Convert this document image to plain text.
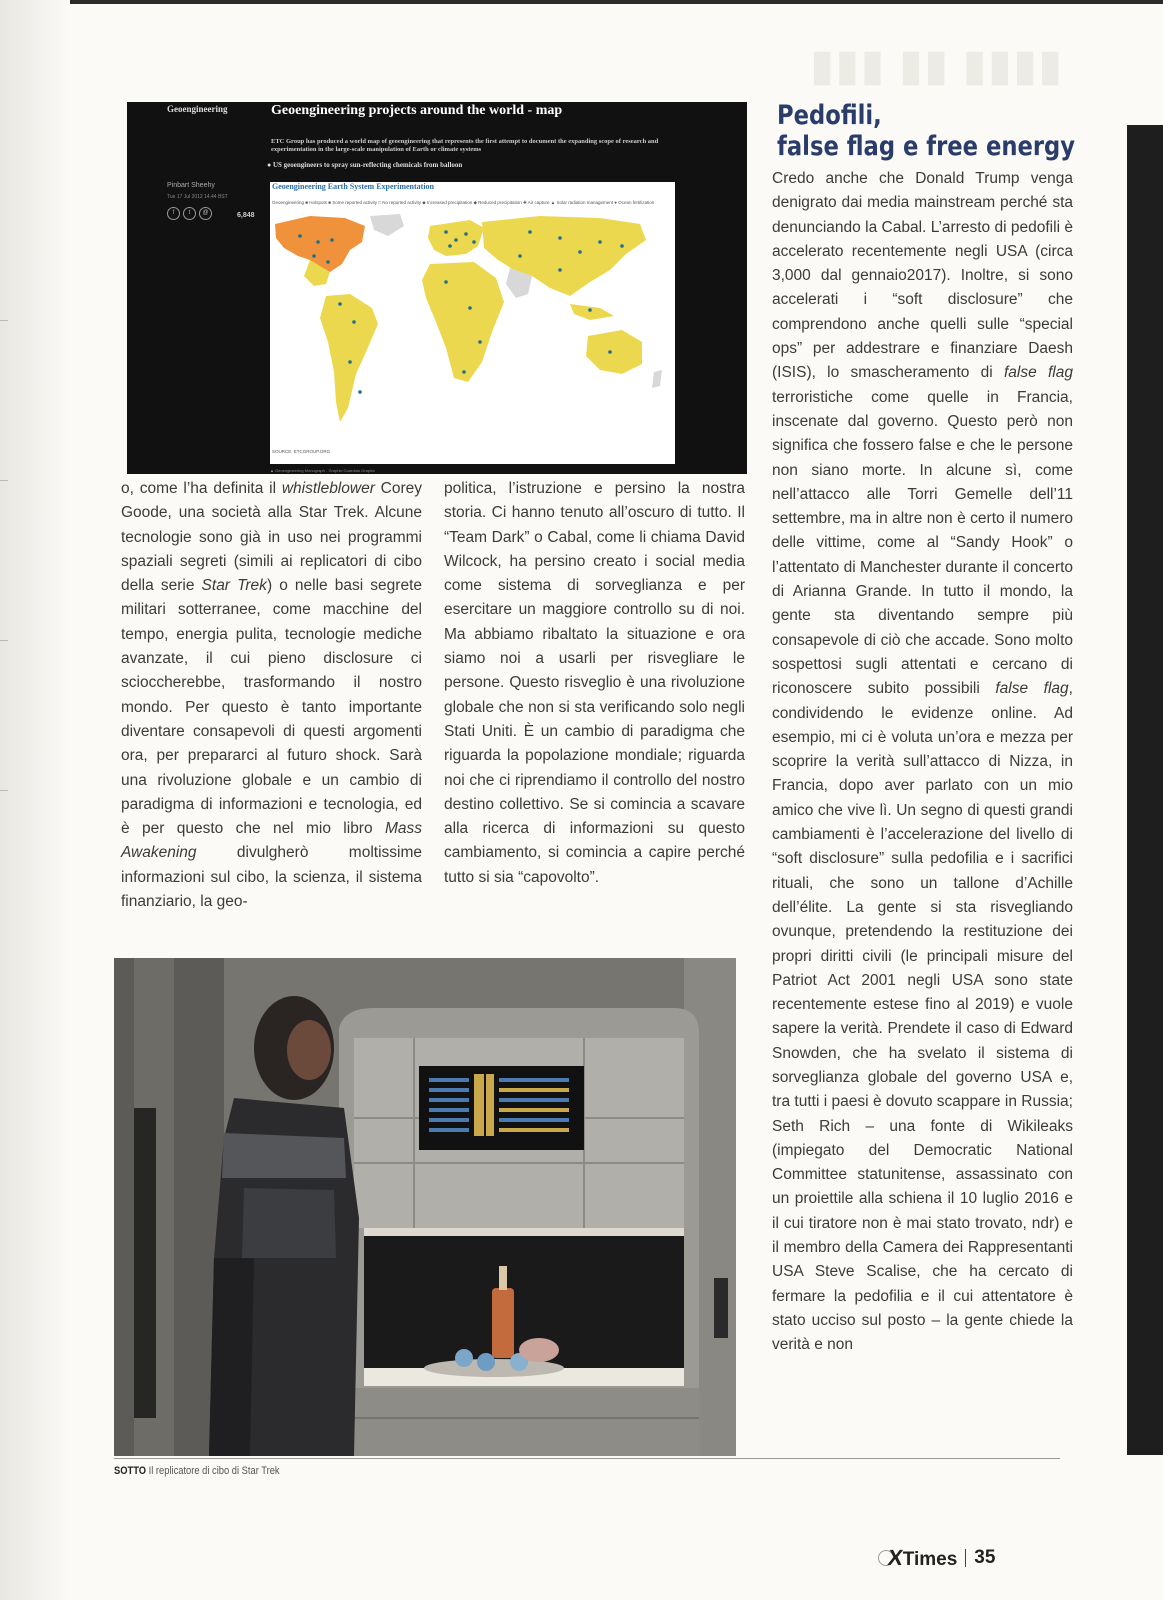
Geoengineering	Geoengineering projects around the world - map
ETC Group has produced a world map of geoengineering that represents the first attempt to document the expanding scope of research and experimentation in the large-scale manipulation of Earth or climate systems
● US geoengineers to spray sun-reflecting chemicals from balloon
Pinbart Sheehy
Tue 17 Jul 2012 14.44 BST
f	t	@	6,848
Geoengineering Earth System Experimentation
Geoengineering ■ Hotspots ■ Some reported activity □ No reported activity ◆ Increased precipitation ◆ Reduced precipitation ✚ Air capture ▲ Solar radiation management ● Ocean fertilization
SOURCE: ETCGROUP.ORG
▲ Geoengineering Monograph - Graphic Guardian Graphic
▮▮▮ ▮▮ ▮▮▮▮
Pedofili,
false flag e free energy

o, come l’ha definita il whistleblower Corey Goode, una società alla Star Trek. Alcune tecnologie sono già in uso nei programmi spaziali segreti (simili ai replicatori di cibo della serie Star Trek) o nelle basi segrete militari sotterranee, come macchine del tempo, energia pulita, tecnologie mediche avanzate, il cui pieno disclosure ci scioccherebbe, trasformando il nostro mondo. Per questo è tanto importante diventare consapevoli di questi argomenti ora, per prepararci al futuro shock. Sarà una rivoluzione globale e un cambio di paradigma di informazioni e tecnologia, ed è per questo che nel mio libro Mass Awakening divulgherò moltissime informazioni sul cibo, la scienza, il sistema finanziario, la geo-

politica, l’istruzione e persino la nostra storia. Ci hanno tenuto all’oscuro di tutto. Il “Team Dark” o Cabal, come li chiama David Wilcock, ha persino creato i social media come sistema di sorveglianza e per esercitare un maggiore controllo su di noi. Ma abbiamo ribaltato la situazione e ora siamo noi a usarli per risvegliare le persone. Questo risveglio è una rivoluzione globale che non si sta verificando solo negli Stati Uniti. È un cambio di paradigma che riguarda la popolazione mondiale; riguarda noi che ci riprendiamo il controllo del nostro destino collettivo. Se si comincia a scavare alla ricerca di informazioni su questo cambiamento, si comincia a capire perché tutto si sia “capovolto”.

Credo anche che Donald Trump venga denigrato dai media mainstream perché sta denunciando la Cabal. L’arresto di pedofili è accelerato recentemente negli USA (circa 3,000 dal gennaio2017). Inoltre, si sono accelerati i “soft disclosure” che comprendono anche quelli sulle “special ops” per addestrare e finanziare Daesh (ISIS), lo smascheramento di false flag terroristiche come quelle in Francia, inscenate dal governo. Questo però non significa che fossero false e che le persone non siano morte. In alcune sì, come nell’attacco alle Torri Gemelle dell’11 settembre, ma in altre non è certo il numero delle vittime, come al “Sandy Hook” o l’attentato di Manchester durante il concerto di Arianna Grande. In tutto il mondo, la gente sta diventando sempre più consapevole di ciò che accade. Sono molto sospettosi sugli attentati e cercano di riconoscere subito possibili false flag, condividendo le evidenze online. Ad esempio, mi ci è voluta un’ora e mezza per scoprire la verità sull’attacco di Nizza, in Francia, dopo aver parlato con un mio amico che vive lì. Un segno di questi grandi cambiamenti è l’accelerazione del livello di “soft disclosure” sulla pedofilia e i sacrifici rituali, che sono un tallone d’Achille dell’élite. La gente si sta risvegliando ovunque, pretendendo la restituzione dei propri diritti civili (le principali misure del Patriot Act 2001 negli USA sono state recentemente estese fino al 2019) e vuole sapere la verità. Prendete il caso di Edward Snowden, che ha svelato il sistema di sorveglianza globale del governo USA e, tra tutti i paesi è dovuto scappare in Russia; Seth Rich – una fonte di Wikileaks (impiegato del Democratic National Committee statunitense, assassinato con un proiettile alla schiena il 10 luglio 2016 e il cui tiratore non è mai stato trovato, ndr) e il membro della Camera dei Rappresentanti USA Steve Scalise, che ha cercato di fermare la pedofilia e il cui attentatore è stato ucciso sul posto – la gente chiede la verità e non

SOTTO Il replicatore di cibo di Star Trek
XTimes 35
